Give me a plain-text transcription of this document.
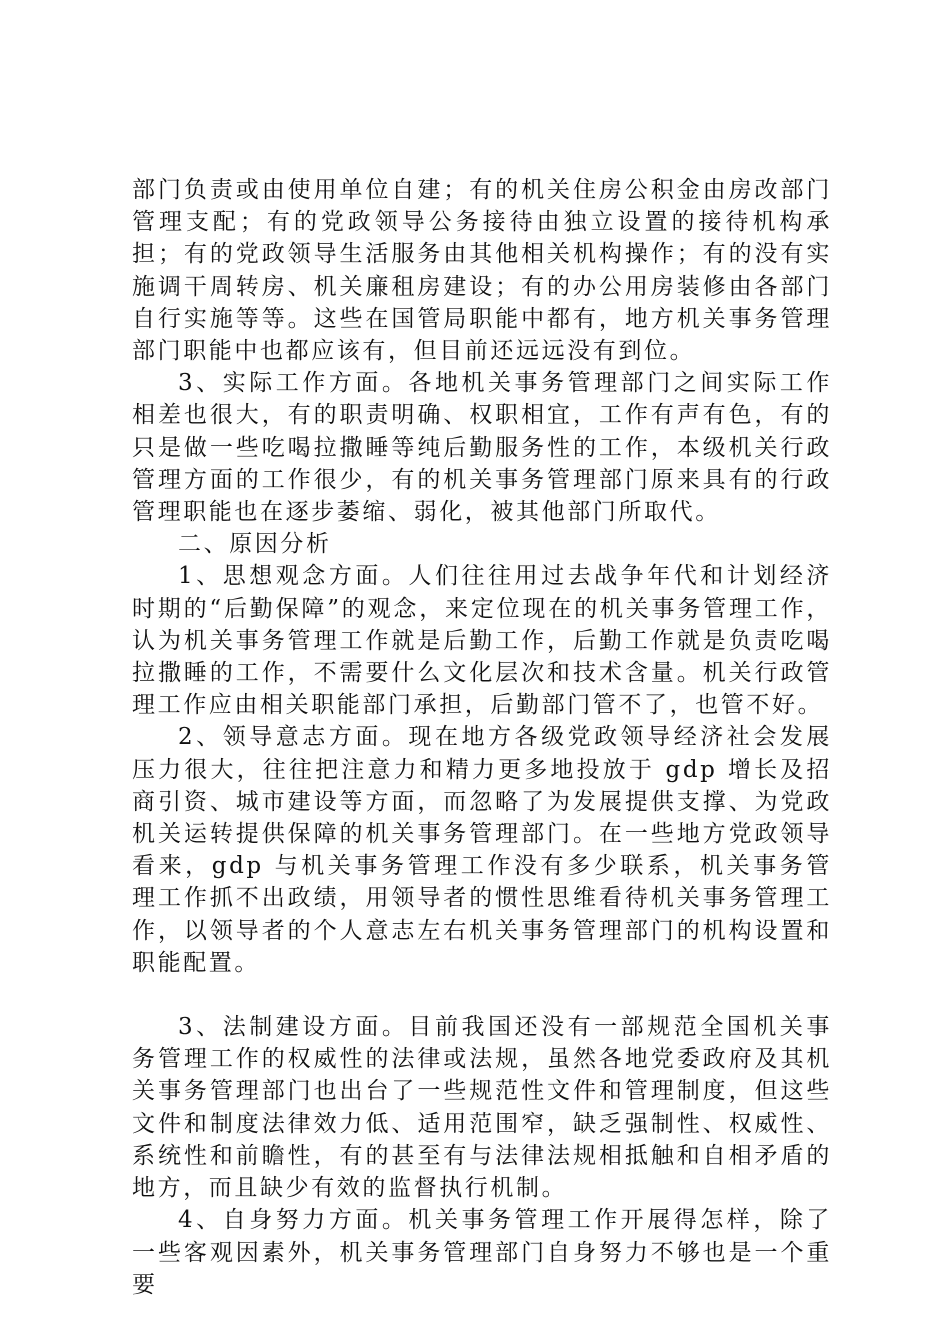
部门负责或由使用单位自建；有的机关住房公积金由房改部门管理支配；有的党政领导公务接待由独立设置的接待机构承担；有的党政领导生活服务由其他相关机构操作；有的没有实施调干周转房、机关廉租房建设；有的办公用房装修由各部门自行实施等等。这些在国管局职能中都有，地方机关事务管理部门职能中也都应该有，但目前还远远没有到位。

3、实际工作方面。各地机关事务管理部门之间实际工作相差也很大，有的职责明确、权职相宜，工作有声有色，有的只是做一些吃喝拉撒睡等纯后勤服务性的工作，本级机关行政管理方面的工作很少，有的机关事务管理部门原来具有的行政管理职能也在逐步萎缩、弱化，被其他部门所取代。

二、原因分析

1、思想观念方面。人们往往用过去战争年代和计划经济时期的“后勤保障”的观念，来定位现在的机关事务管理工作，认为机关事务管理工作就是后勤工作，后勤工作就是负责吃喝拉撒睡的工作，不需要什么文化层次和技术含量。机关行政管理工作应由相关职能部门承担，后勤部门管不了，也管不好。

2、领导意志方面。现在地方各级党政领导经济社会发展压力很大，往往把注意力和精力更多地投放于 gdp 增长及招商引资、城市建设等方面，而忽略了为发展提供支撑、为党政机关运转提供保障的机关事务管理部门。在一些地方党政领导看来，gdp 与机关事务管理工作没有多少联系，机关事务管理工作抓不出政绩，用领导者的惯性思维看待机关事务管理工作，以领导者的个人意志左右机关事务管理部门的机构设置和职能配置。

3、法制建设方面。目前我国还没有一部规范全国机关事务管理工作的权威性的法律或法规，虽然各地党委政府及其机关事务管理部门也出台了一些规范性文件和管理制度，但这些文件和制度法律效力低、适用范围窄，缺乏强制性、权威性、系统性和前瞻性，有的甚至有与法律法规相抵触和自相矛盾的地方，而且缺少有效的监督执行机制。

4、自身努力方面。机关事务管理工作开展得怎样，除了一些客观因素外，机关事务管理部门自身努力不够也是一个重要
